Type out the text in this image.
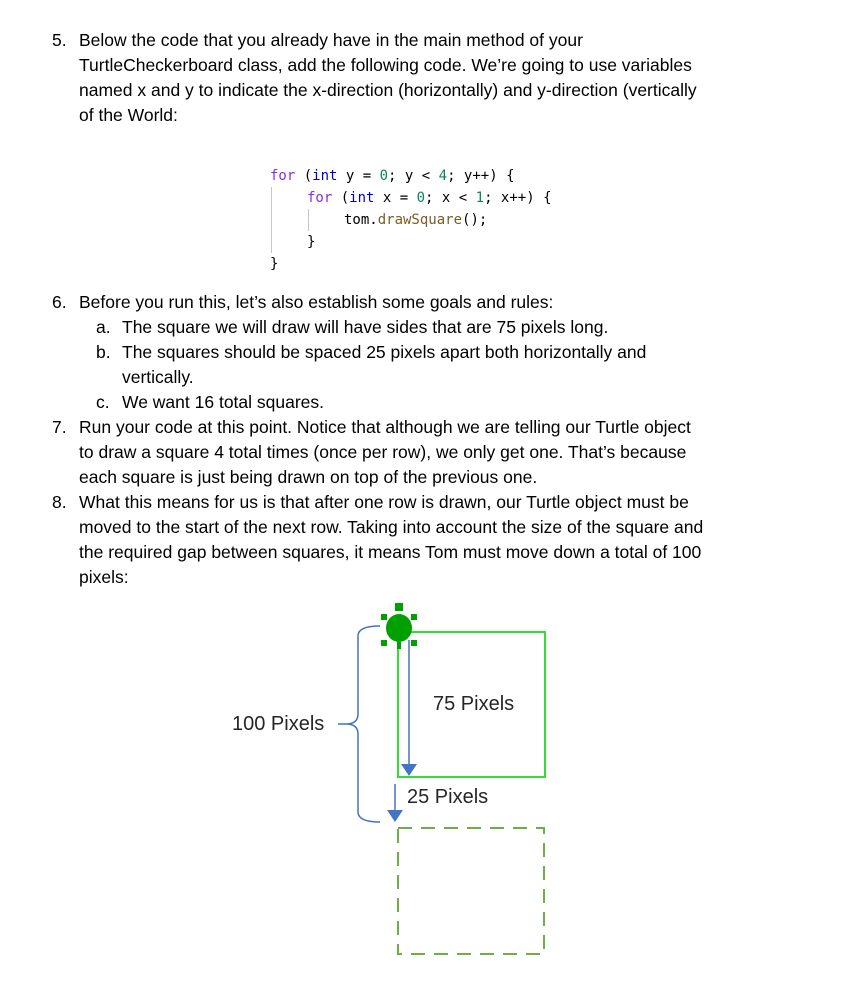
5. Below the code that you already have in the main method of your
TurtleCheckerboard class, add the following code. We’re going to use variables
named x and y to indicate the x-direction (horizontally) and y-direction (vertically
of the World:
for (int y = 0; y < 4; y++) {
for (int x = 0; x < 1; x++) {
tom.drawSquare();
}
}
6. Before you run this, let’s also establish some goals and rules:
a. The square we will draw will have sides that are 75 pixels long.
b. The squares should be spaced 25 pixels apart both horizontally and
vertically.
c. We want 16 total squares.
7. Run your code at this point. Notice that although we are telling our Turtle object
to draw a square 4 total times (once per row), we only get one. That’s because
each square is just being drawn on top of the previous one.
8. What this means for us is that after one row is drawn, our Turtle object must be
moved to the start of the next row. Taking into account the size of the square and
the required gap between squares, it means Tom must move down a total of 100
pixels:
100 Pixels
75 Pixels
25 Pixels
